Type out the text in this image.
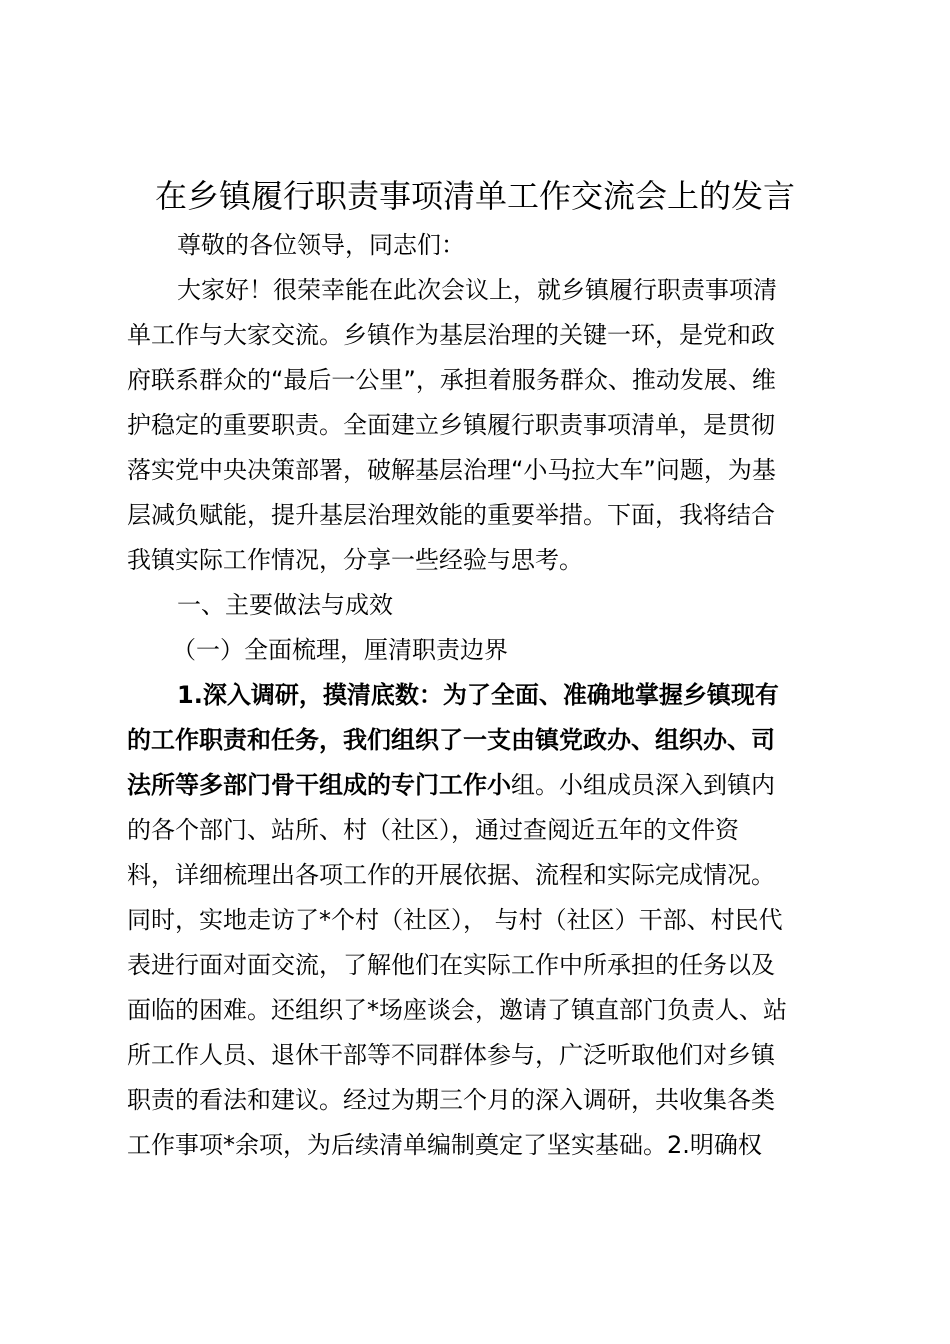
在乡镇履行职责事项清单工作交流会上的发言
尊敬的各位领导，同志们：
大家好！很荣幸能在此次会议上，就乡镇履行职责事项清
单工作与大家交流。乡镇作为基层治理的关键一环，是党和政
府联系群众的“最后一公里”，承担着服务群众、推动发展、维
护稳定的重要职责。全面建立乡镇履行职责事项清单，是贯彻
落实党中央决策部署，破解基层治理“小马拉大车”问题，为基
层减负赋能，提升基层治理效能的重要举措。下面，我将结合
我镇实际工作情况，分享一些经验与思考。
一、主要做法与成效
（一）全面梳理，厘清职责边界
1.深入调研，摸清底数：为了全面、准确地掌握乡镇现有
的工作职责和任务，我们组织了一支由镇党政办、组织办、司
法所等多部门骨干组成的专门工作小组。小组成员深入到镇内
的各个部门、站所、村（社区），通过查阅近五年的文件资
料，详细梳理出各项工作的开展依据、流程和实际完成情况。
同时，实地走访了*个村（社区）， 与村（社区）干部、村民代
表进行面对面交流，了解他们在实际工作中所承担的任务以及
面临的困难。还组织了*场座谈会，邀请了镇直部门负责人、站
所工作人员、退休干部等不同群体参与，广泛听取他们对乡镇
职责的看法和建议。经过为期三个月的深入调研，共收集各类
工作事项*余项，为后续清单编制奠定了坚实基础。2.明确权
